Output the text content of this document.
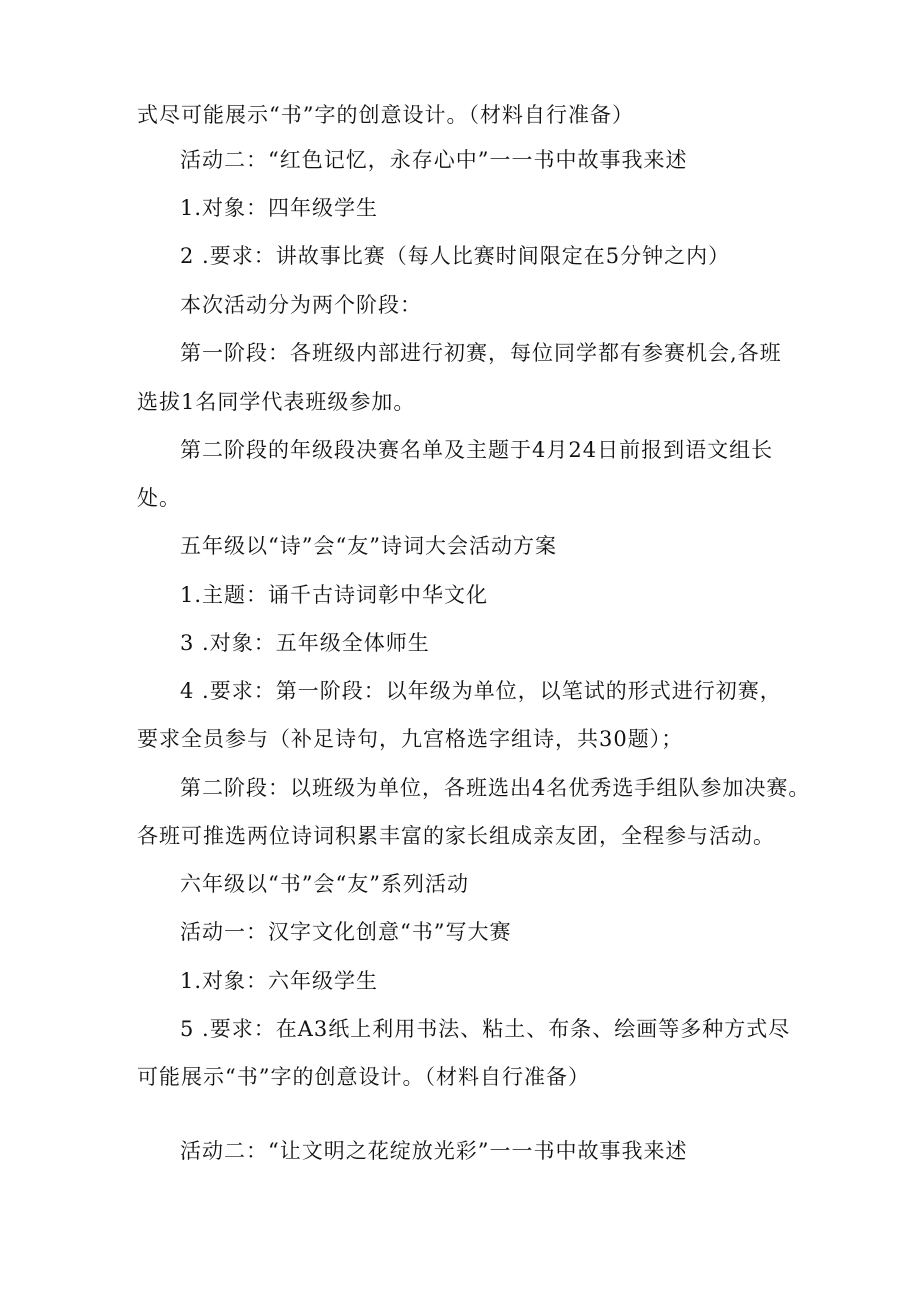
式尽可能展示“书”字的创意设计。（材料自行准备）
活动二：“红色记忆，永存心中”一一书中故事我来述
1.对象：四年级学生
2 .要求：讲故事比赛（每人比赛时间限定在5分钟之内）
本次活动分为两个阶段：
第一阶段：各班级内部进行初赛，每位同学都有参赛机会,各班
选拔1名同学代表班级参加。
第二阶段的年级段决赛名单及主题于4月24日前报到语文组长
处。
五年级以“诗”会“友”诗词大会活动方案
1.主题：诵千古诗词彰中华文化
3 .对象：五年级全体师生
4 .要求：第一阶段：以年级为单位，以笔试的形式进行初赛，
要求全员参与（补足诗句，九宫格选字组诗，共30题）；
第二阶段：以班级为单位，各班选出4名优秀选手组队参加决赛。
各班可推选两位诗词积累丰富的家长组成亲友团，全程参与活动。
六年级以“书”会“友”系列活动
活动一：汉字文化创意“书”写大赛
1.对象：六年级学生
5 .要求：在A3纸上利用书法、粘土、布条、绘画等多种方式尽
可能展示“书”字的创意设计。（材料自行准备）
活动二：“让文明之花绽放光彩”一一书中故事我来述
